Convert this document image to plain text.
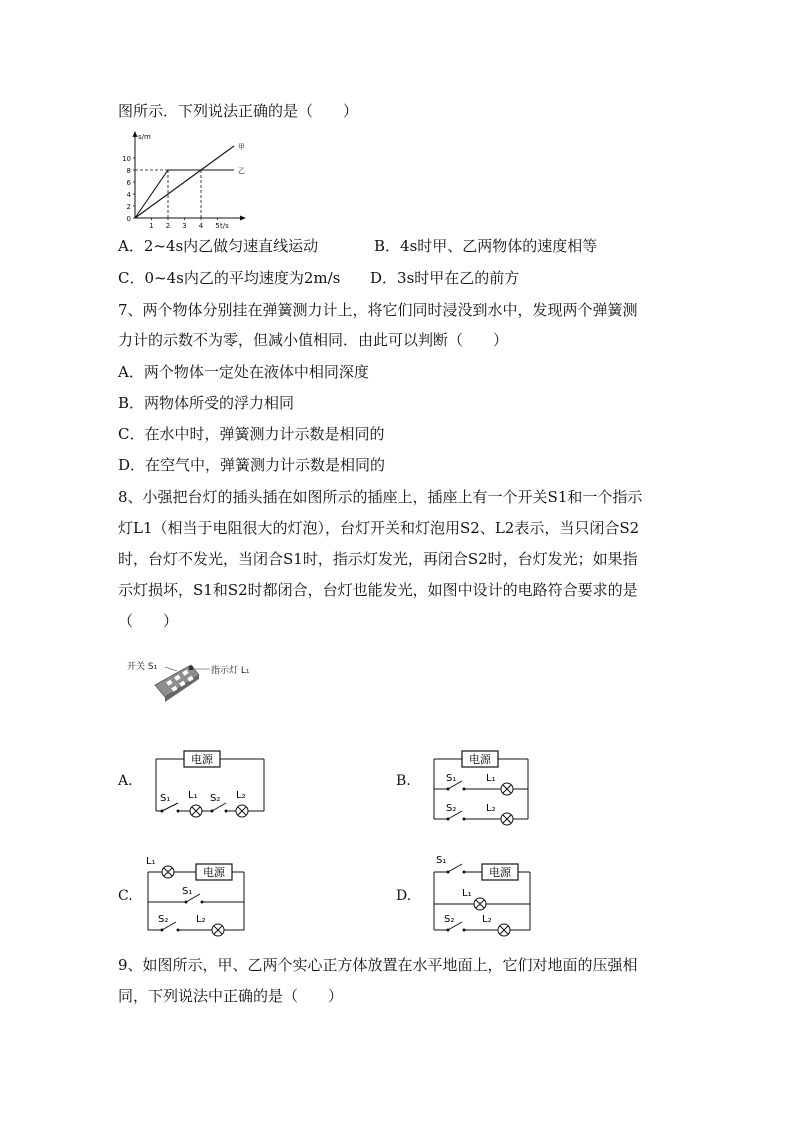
图所示．下列说法正确的是（　　）
0
2
4
6
8
10
1 2 3 4 5
s/m
t/s
甲
乙
A．2~4s内乙做匀速直线运动	B．4s时甲、乙两物体的速度相等
C．0~4s内乙的平均速度为2m/s D．3s时甲在乙的前方
7、两个物体分别挂在弹簧测力计上，将它们同时浸没到水中，发现两个弹簧测
力计的示数不为零，但减小值相同．由此可以判断（　　）
A．两个物体一定处在液体中相同深度
B．两物体所受的浮力相同
C．在水中时，弹簧测力计示数是相同的
D．在空气中，弹簧测力计示数是相同的
8、小强把台灯的插头插在如图所示的插座上，插座上有一个开关S1和一个指示
灯L1（相当于电阻很大的灯泡），台灯开关和灯泡用S2、L2表示，当只闭合S2
时，台灯不发光，当闭合S1时，指示灯发光，再闭合S2时，台灯发光；如果指
示灯损坏，S1和S2时都闭合，台灯也能发光，如图中设计的电路符合要求的是
（　　）
开关 S₁	指示灯 L₁
A.
电源
S₁ L₁ S₂ L₂
B.
电源
S₁	L₁
S₂	L₂
C.
电源
L₁
S₁
S₂	L₂
D.
电源
S₁
L₁
S₂	L₂
9、如图所示，甲、乙两个实心正方体放置在水平地面上，它们对地面的压强相
同，下列说法中正确的是（　　）
